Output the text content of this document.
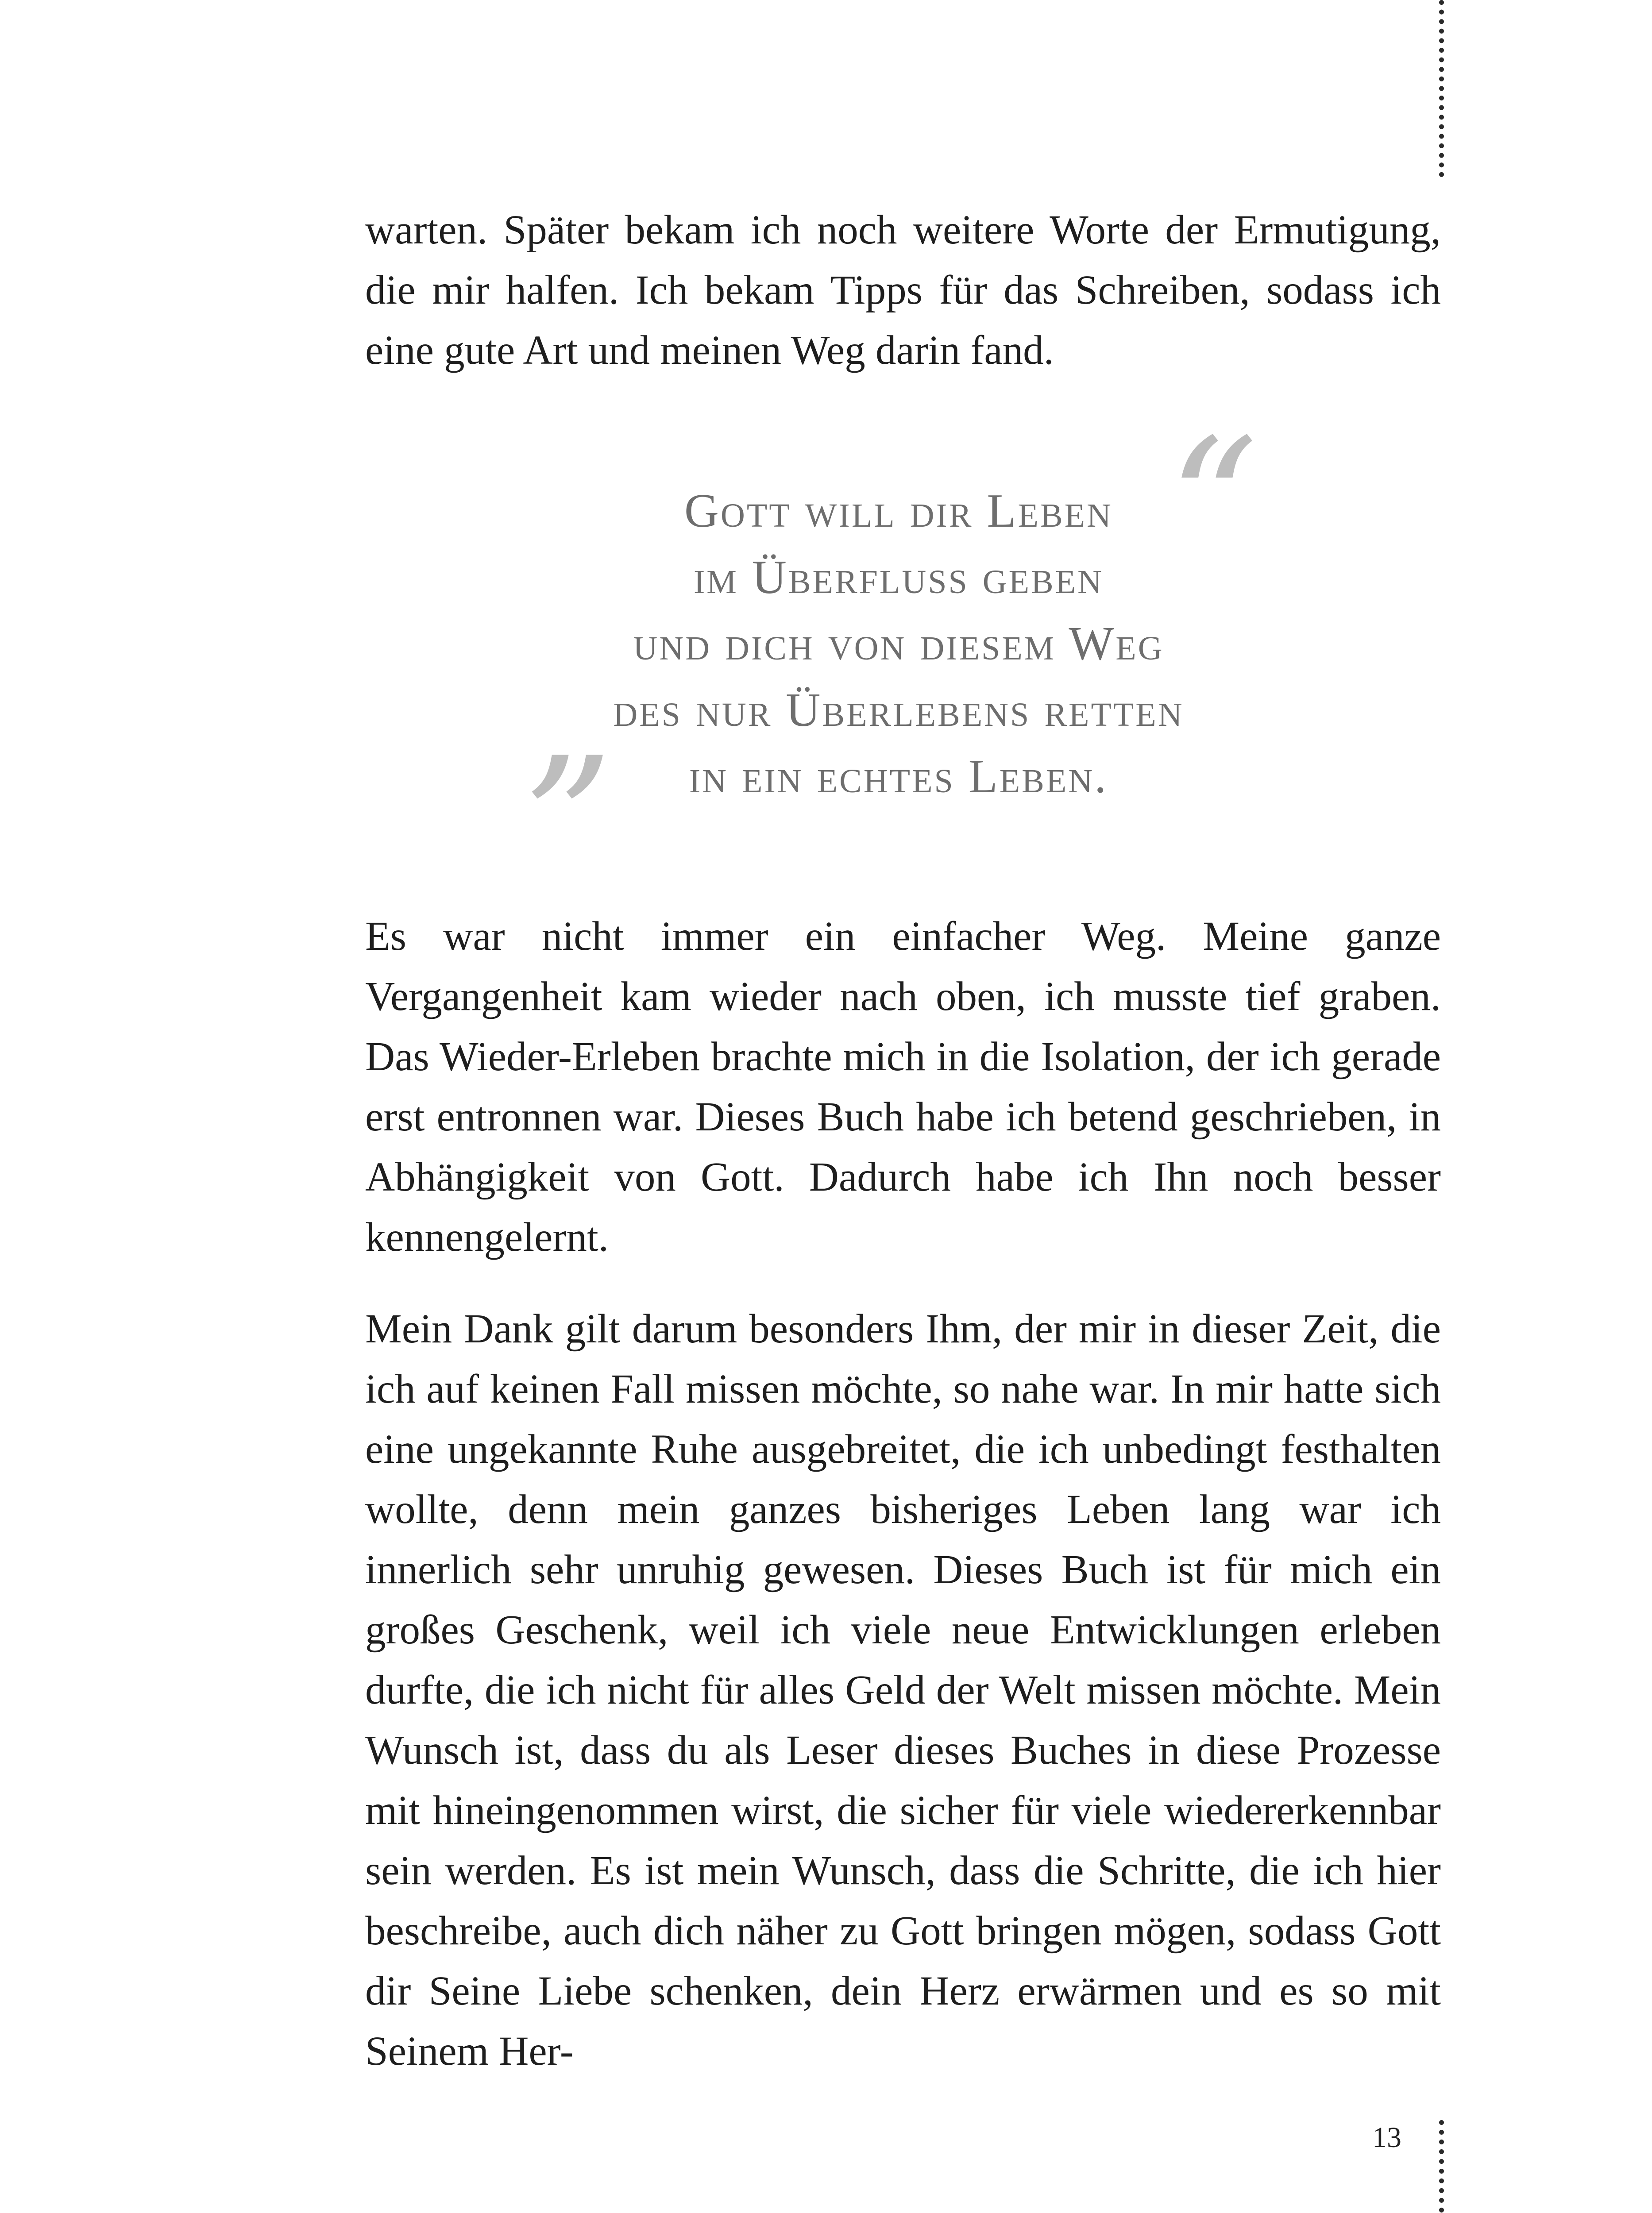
warten. Später bekam ich noch weitere Worte der Ermutigung, die mir halfen. Ich bekam Tipps für das Schreiben, sodass ich eine gute Art und meinen Weg darin fand.

“

Gott will dir Leben
im Überfluss geben
und dich von diesem Weg
des nur Überlebens retten
in ein echtes Leben.

”

Es war nicht immer ein einfacher Weg. Meine ganze Vergangenheit kam wieder nach oben, ich musste tief graben. Das Wieder-Erleben brachte mich in die Isolation, der ich gerade erst entronnen war. Dieses Buch habe ich betend geschrieben, in Abhängigkeit von Gott. Dadurch habe ich Ihn noch besser kennengelernt.

Mein Dank gilt darum besonders Ihm, der mir in dieser Zeit, die ich auf keinen Fall missen möchte, so nahe war. In mir hatte sich eine ungekannte Ruhe ausgebreitet, die ich unbedingt festhalten wollte, denn mein ganzes bisheriges Leben lang war ich innerlich sehr unruhig gewesen. Dieses Buch ist für mich ein großes Geschenk, weil ich viele neue Entwicklungen erleben durfte, die ich nicht für alles Geld der Welt missen möchte. Mein Wunsch ist, dass du als Leser dieses Buches in diese Prozesse mit hineingenommen wirst, die sicher für viele wiedererkennbar sein werden. Es ist mein Wunsch, dass die Schritte, die ich hier beschreibe, auch dich näher zu Gott bringen mögen, sodass Gott dir Seine Liebe schenken, dein Herz erwärmen und es so mit Seinem Her-

13
